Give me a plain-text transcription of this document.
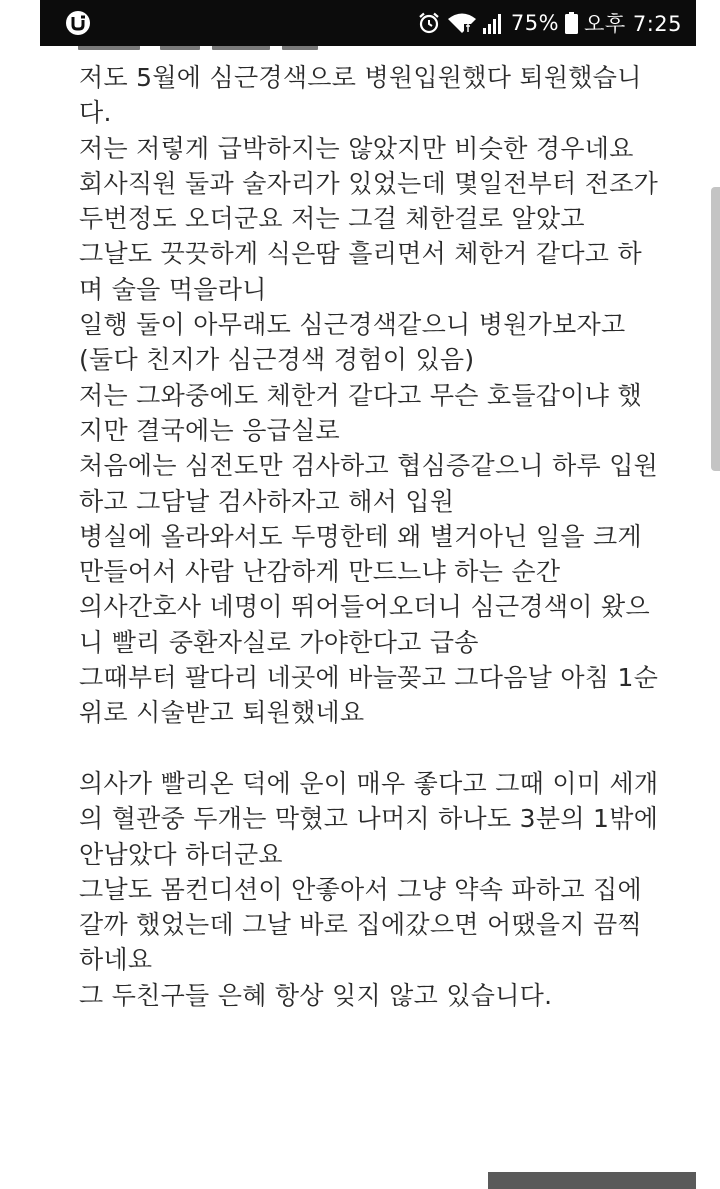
75% 오후 7:25
저도 5월에 심근경색으로 병원입원했다 퇴원했습니
다.
저는 저렇게 급박하지는 않았지만 비슷한 경우네요
회사직원 둘과 술자리가 있었는데 몇일전부터 전조가
두번정도 오더군요 저는 그걸 체한걸로 알았고
그날도 끗끗하게 식은땀 흘리면서 체한거 같다고 하
며 술을 먹을라니
일행 둘이 아무래도 심근경색같으니 병원가보자고
(둘다 친지가 심근경색 경험이 있음)
저는 그와중에도 체한거 같다고 무슨 호들갑이냐 했
지만 결국에는 응급실로
처음에는 심전도만 검사하고 협심증같으니 하루 입원
하고 그담날 검사하자고 해서 입원
병실에 올라와서도 두명한테 왜 별거아닌 일을 크게
만들어서 사람 난감하게 만드느냐 하는 순간
의사간호사 네명이 뛰어들어오더니 심근경색이 왔으
니 빨리 중환자실로 가야한다고 급송
그때부터 팔다리 네곳에 바늘꽂고 그다음날 아침 1순
위로 시술받고 퇴원했네요
의사가 빨리온 덕에 운이 매우 좋다고 그때 이미 세개
의 혈관중 두개는 막혔고 나머지 하나도 3분의 1밖에
안남았다 하더군요
그날도 몸컨디션이 안좋아서 그냥 약속 파하고 집에
갈까 했었는데 그날 바로 집에갔으면 어땠을지 끔찍
하네요
그 두친구들 은혜 항상 잊지 않고 있습니다.
